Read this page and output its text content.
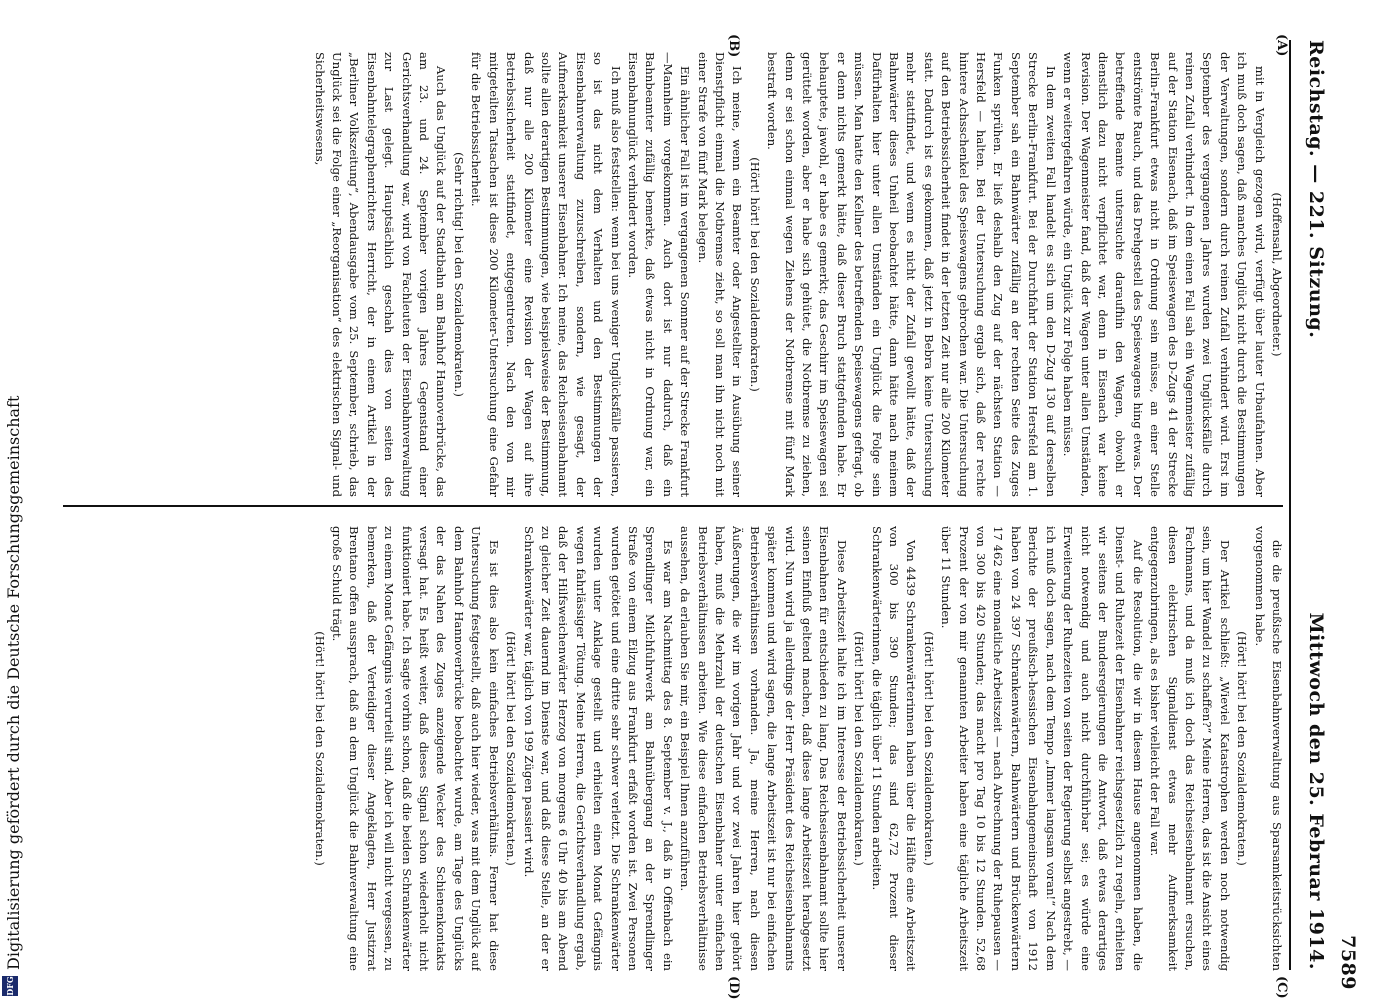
Reichstag. — 221. Sitzung.
Mittwoch den 25. Februar 1914. 7589
(A)
(B)
(C)
(D)

(Hoffensahl, Abgeordneter.)

mit in Vergleich gezogen wird, verfügt über lauter Urbaufahnen. Aber ich muß doch sagen, daß manches Unglück nicht durch die Bestimmungen der Verwaltungen, sondern durch reinen Zufall verhindert wird. Erst im September des vergangenen Jahres wurden zwei Unglücksfälle durch reinen Zufall verhindert. In dem einen Fall sah ein Wagenmeister zufällig auf der Station Eisenach, daß im Speisewagen des D-Zugs 41 der Strecke Berlin-Frankfurt etwas nicht in Ordnung sein müsse, an einer Stelle entströmte Rauch, und das Drehgestell des Speisewagens hing etwas. Der betreffende Beamte untersuchte daraufhin den Wagen, obwohl er dienstlich dazu nicht verpflichtet war, denn in Eisenach war keine Revision. Der Wagenmeister fand, daß der Wagen unter allen Umständen, wenn er weitergefahren würde, ein Unglück zur Folge haben müsse.

In dem zweiten Fall handelt es sich um den D-Zug 130 auf derselben Strecke Berlin-Frankfurt. Bei der Durchfahrt der Station Hersfeld am 1. September sah ein Bahnwärter zufällig an der rechten Seite des Zuges Funken sprühen. Er ließ deshalb den Zug auf der nächsten Station — Hersfeld — halten. Bei der Untersuchung ergab sich, daß der rechte hintere Achsschenkel des Speisewagens gebrochen war. Die Untersuchung auf den Betriebssicherheit findet in der letzten Zeit nur alle 200 Kilometer statt. Dadurch ist es gekommen, daß jetzt in Bebra keine Untersuchung mehr stattfindet, und wenn es nicht der Zufall gewollt hätte, daß der Bahnwärter dieses Unheil beobachtet hätte, dann hätte nach meinem Dafürhalten hier unter allen Umständen ein Unglück die Folge sein müssen. Man hatte den Kellner des betreffenden Speisewagens gefragt, ob er denn nichts gemerkt hätte, daß dieser Bruch stattgefunden habe. Er behauptete, jawohl, er habe es gemerkt; das Geschirr im Speisewagen sei gerüttelt worden, aber er habe sich gehütet, die Notbremse zu ziehen, denn er sei schon einmal wegen Ziehens der Notbremse mit fünf Mark bestraft worden.

(Hört! hört! bei den Sozialdemokraten.)

Ich meine, wenn ein Beamter oder Angestellter in Ausübung seiner Dienstpflicht einmal die Notbremse zieht, so soll man ihn nicht noch mit einer Strafe von fünf Mark belegen.

Ein ähnlicher Fall ist im vergangenen Sommer auf der Strecke Frankfurt—Mannheim vorgekommen. Auch dort ist nur dadurch, daß ein Bahnbeamter zufällig bemerkte, daß etwas nicht in Ordnung war, ein Eisenbahnunglück verhindert worden.

Ich muß also feststellen: wenn bei uns weniger Unglücksfälle passieren, so ist das nicht dem Verhalten und den Bestimmungen der Eisenbahnverwaltung zuzuschreiben, sondern, wie gesagt, der Aufmerksamkeit unserer Eisenbahner. Ich meine, das Reichseisenbahnamt sollte allen derartigen Bestimmungen, wie beispielsweise der Bestimmung, daß nur alle 200 Kilometer eine Revision der Wagen auf ihre Betriebssicherheit stattfindet, entgegentreten. Nach den von mir mitgeteilten Tatsachen ist diese 200 Kilometer-Untersuchung eine Gefahr für die Betriebssicherheit.

(Sehr richtig! bei den Sozialdemokraten.)

Auch das Unglück auf der Stadtbahn am Bahnhof Hannoverbrücke, das am 23. und 24. September vorigen Jahres Gegenstand einer Gerichtsverhandlung war, wird von Fachleuten der Eisenbahnverwaltung zur Last gelegt. Hauptsächlich geschah dies von seiten des Eisenbahntelegraphenrichters Herricht, der in einem Artikel in der „Berliner Volkszeitung“, Abendausgabe vom 25. September, schrieb, das Unglück sei die Folge einer „Reorganisation“ des elektrischen Signal- und Sicherheitswesens,

die die preußische Eisenbahnverwaltung aus Sparsamkeitsrücksichten vorgenommen habe.

(Hört! hört! bei den Sozialdemokraten.)

Der Artikel schließt: „Wieviel Katastrophen werden noch notwendig sein, um hier Wandel zu schaffen?“ Meine Herren, das ist die Ansicht eines Fachmanns, und da muß ich doch das Reichseisenbahnamt ersuchen, diesen elektrischen Signaldienst etwas mehr Aufmerksamkeit entgegenzubringen, als es bisher vielleicht der Fall war.

Auf die Resolution, die wir in diesem Hause angenommen haben, die Dienst- und Ruhezeit der Eisenbahner reichsgesetzlich zu regeln, erhielten wir seitens der Bundesregierungen die Antwort, daß etwas derartiges nicht notwendig und auch nicht durchführbar sei; es würde eine Erweiterung der Ruhezeiten von seiten der Regierung selbst angestrebt, — ich muß doch sagen, nach dem Tempo „Immer langsam voran!“ Nach dem Berichte der preußisch-hessischen Eisenbahngemeinschaft von 1912 haben von 24 397 Schrankenwärtern, Bahnwärtern und Brückenwärtern 17 462 eine monatliche Arbeitszeit — nach Abrechnung der Ruhepausen — von 300 bis 420 Stunden; das macht pro Tag 10 bis 12 Stunden. 52,68 Prozent der von mir genannten Arbeiter haben eine tägliche Arbeitszeit über 11 Stunden.

(Hört! hört! bei den Sozialdemokraten.)

Von 4439 Schrankenwärterinnen haben über die Hälfte eine Arbeitszeit von 300 bis 390 Stunden; das sind 62,72 Prozent dieser Schrankenwärterinnen, die täglich über 11 Stunden arbeiten.

(Hört! hört! bei den Sozialdemokraten.)

Diese Arbeitszeit halte ich im Interesse der Betriebssicherheit unserer Eisenbahnen für entschieden zu lang. Das Reichseisenbahnamt sollte hier seinen Einfluß geltend machen, daß diese lange Arbeitszeit herabgesetzt wird. Nun wird ja allerdings der Herr Präsident des Reichseisenbahnamts später kommen und wird sagen, die lange Arbeitszeit ist nur bei einfachen Betriebsverhältnissen vorhanden. Ja, meine Herren, nach diesen Äußerungen, die wir im vorigen Jahr und vor zwei Jahren hier gehört haben, muß die Mehrzahl der deutschen Eisenbahner unter einfachen Betriebsverhältnissen arbeiten. Wie diese einfachen Betriebsverhältnisse aussehen, da erlauben Sie mir, ein Beispiel Ihnen anzuführen.

Es war am Nachmittag des 8. September v. J., daß in Offenbach ein Sprendlinger Milchfuhrwerk am Bahnübergang an der Sprendlinger Straße von einem Eilzug aus Frankfurt erfaßt worden ist. Zwei Personen wurden getötet und eine dritte sehr schwer verletzt. Die Schrankenwärter wurden unter Anklage gestellt und erhielten einen Monat Gefängnis wegen fahrlässiger Tötung. Meine Herren, die Gerichtsverhandlung ergab, daß der Hilfsweichenwärter Herzog von morgens 6 Uhr 40 bis am Abend zu gleicher Zeit dauernd im Dienste war, und daß diese Stelle, an der er Schrankenwärter war, täglich von 199 Zügen passiert wird.

(Hört! hört! bei den Sozialdemokraten.)

Es ist dies also kein einfaches Betriebsverhältnis. Ferner hat diese Untersuchung festgestellt, daß auch hier wieder, was mit dem Unglück auf dem Bahnhof Hannoverbrücke beobachtet wurde, am Tage des Unglücks der das Nahen des Zuges anzeigende Wecker des Schienenkontakts versagt hat. Es heißt weiter, daß dieses Signal schon wiederholt nicht funktioniert habe. Ich sagte vorhin schon, daß die beiden Schrankenwärter zu einem Monat Gefängnis verurteilt sind. Aber ich will nicht vergessen, zu bemerken, daß der Verteidiger dieser Angeklagten, Herr Justizrat Brentano offen aussprach, daß an dem Unglück die Bahnverwaltung eine große Schuld trägt.

(Hört! hört! bei den Sozialdemokraten.)

DFG
Digitalisierung gefördert durch die Deutsche Forschungsgemeinschaft
